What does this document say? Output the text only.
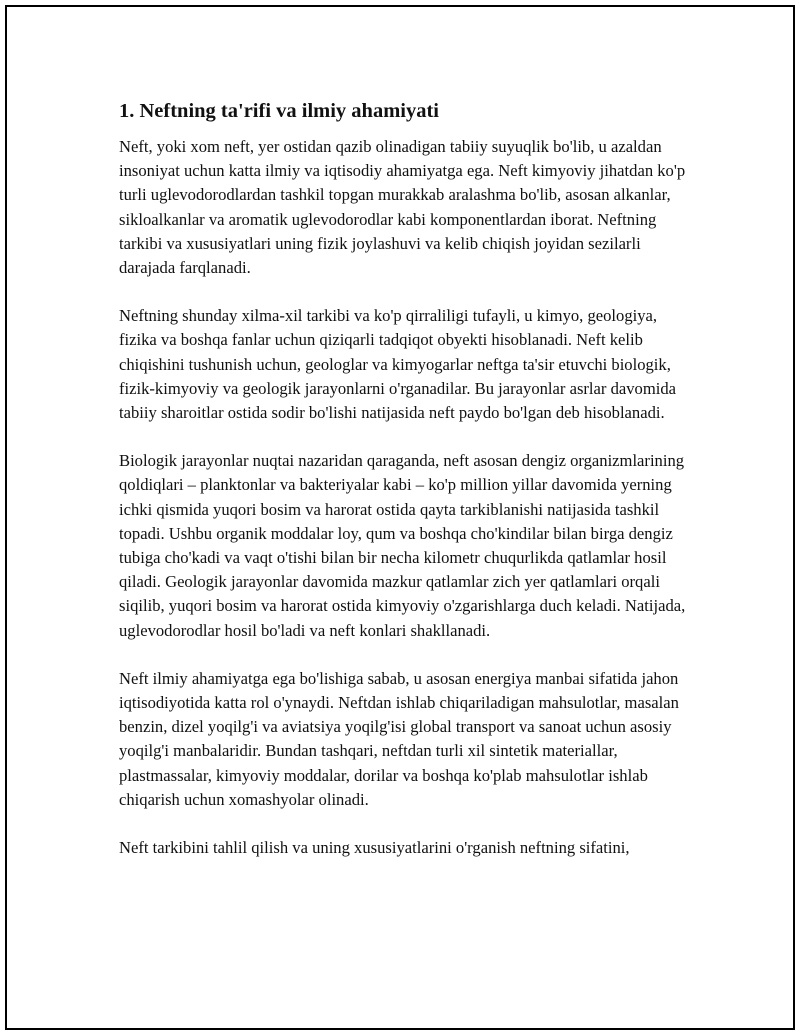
1. Neftning ta'rifi va ilmiy ahamiyati

Neft, yoki xom neft, yer ostidan qazib olinadigan tabiiy suyuqlik bo'lib, u azaldan insoniyat uchun katta ilmiy va iqtisodiy ahamiyatga ega. Neft kimyoviy jihatdan ko'p turli uglevodorodlardan tashkil topgan murakkab aralashma bo'lib, asosan alkanlar, sikloalkanlar va aromatik uglevodorodlar kabi komponentlardan iborat. Neftning tarkibi va xususiyatlari uning fizik joylashuvi va kelib chiqish joyidan sezilarli darajada farqlanadi.

Neftning shunday xilma-xil tarkibi va ko'p qirraliligi tufayli, u kimyo, geologiya, fizika va boshqa fanlar uchun qiziqarli tadqiqot obyekti hisoblanadi. Neft kelib chiqishini tushunish uchun, geologlar va kimyogarlar neftga ta'sir etuvchi biologik, fizik-kimyoviy va geologik jarayonlarni o'rganadilar. Bu jarayonlar asrlar davomida tabiiy sharoitlar ostida sodir bo'lishi natijasida neft paydo bo'lgan deb hisoblanadi.

Biologik jarayonlar nuqtai nazaridan qaraganda, neft asosan dengiz organizmlarining qoldiqlari – planktonlar va bakteriyalar kabi – ko'p million yillar davomida yerning ichki qismida yuqori bosim va harorat ostida qayta tarkiblanishi natijasida tashkil topadi. Ushbu organik moddalar loy, qum va boshqa cho'kindilar bilan birga dengiz tubiga cho'kadi va vaqt o'tishi bilan bir necha kilometr chuqurlikda qatlamlar hosil qiladi. Geologik jarayonlar davomida mazkur qatlamlar zich yer qatlamlari orqali siqilib, yuqori bosim va harorat ostida kimyoviy o'zgarishlarga duch keladi. Natijada, uglevodorodlar hosil bo'ladi va neft konlari shakllanadi.

Neft ilmiy ahamiyatga ega bo'lishiga sabab, u asosan energiya manbai sifatida jahon iqtisodiyotida katta rol o'ynaydi. Neftdan ishlab chiqariladigan mahsulotlar, masalan benzin, dizel yoqilg'i va aviatsiya yoqilg'isi global transport va sanoat uchun asosiy yoqilg'i manbalaridir. Bundan tashqari, neftdan turli xil sintetik materiallar, plastmassalar, kimyoviy moddalar, dorilar va boshqa ko'plab mahsulotlar ishlab chiqarish uchun xomashyolar olinadi.

Neft tarkibini tahlil qilish va uning xususiyatlarini o'rganish neftning sifatini,
